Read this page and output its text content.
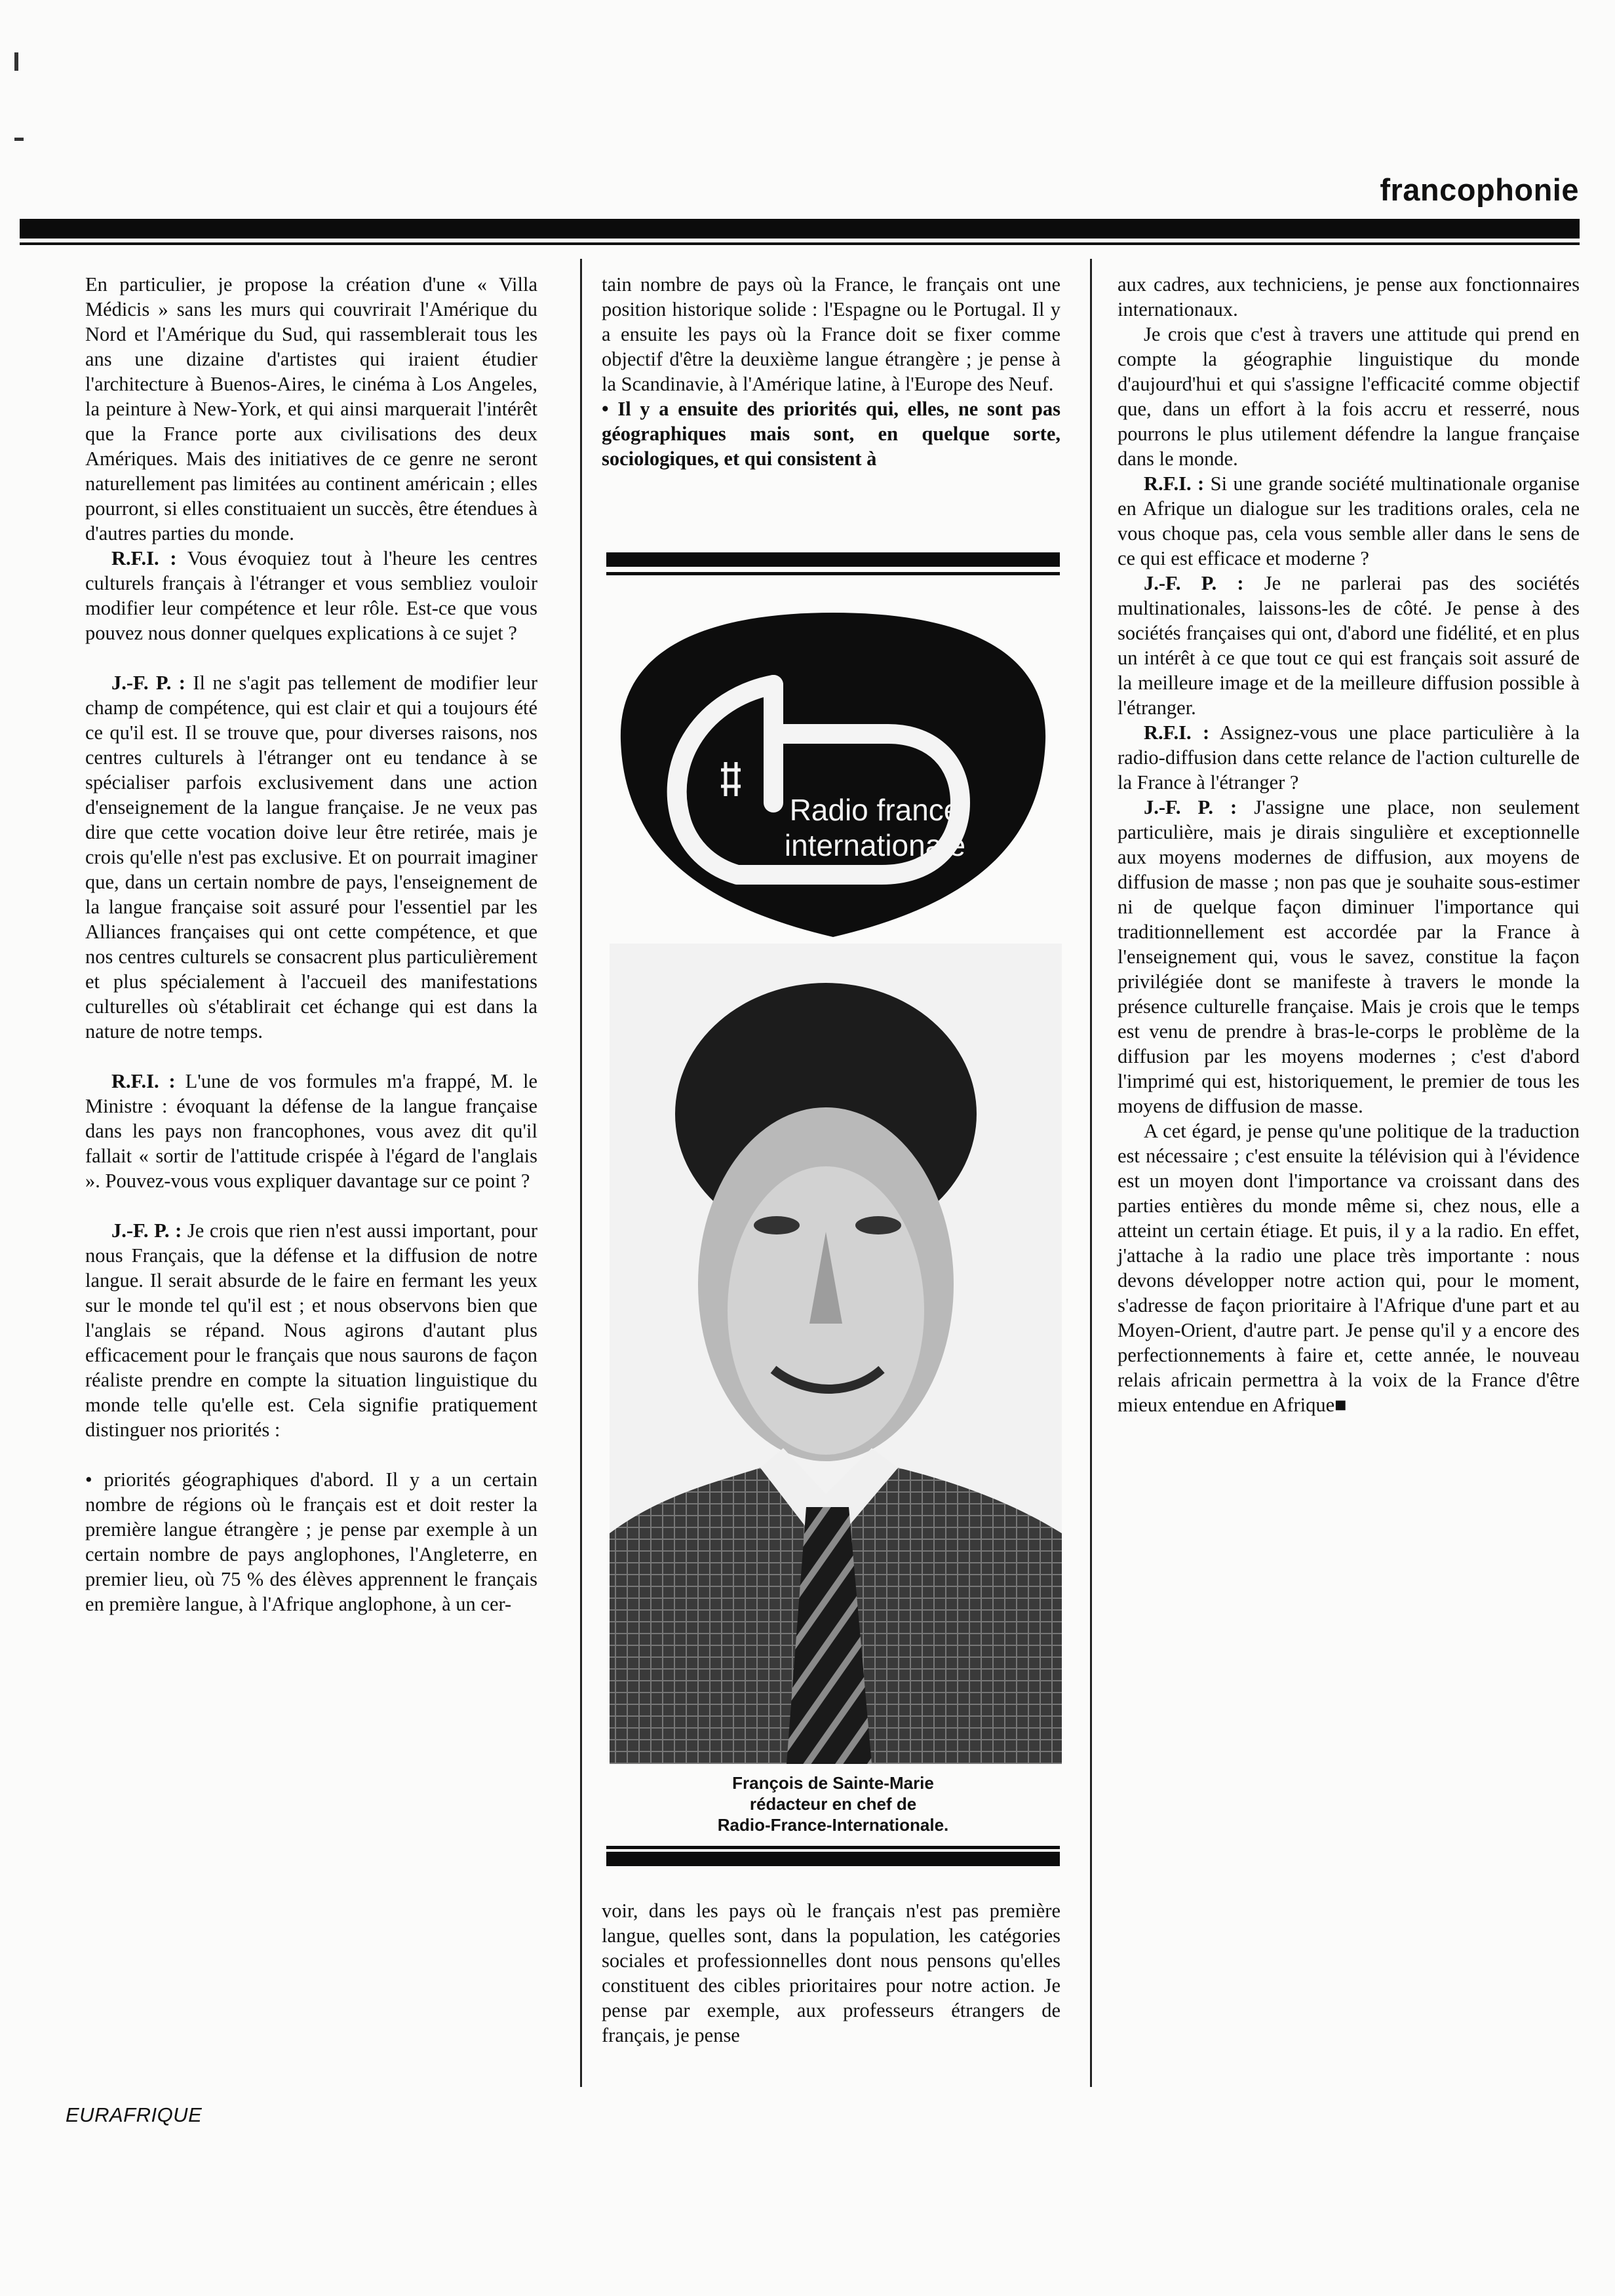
francophonie

En particulier, je propose la création d'une « Villa Médicis » sans les murs qui couvrirait l'Amérique du Nord et l'Amérique du Sud, qui rassemblerait tous les ans une dizaine d'artistes qui iraient étudier l'architecture à Buenos-Aires, le cinéma à Los Angeles, la peinture à New-York, et qui ainsi marquerait l'intérêt que la France porte aux civilisations des deux Amériques. Mais des initiatives de ce genre ne seront naturellement pas limitées au continent américain ; elles pourront, si elles constituaient un succès, être étendues à d'autres parties du monde.

R.F.I. : Vous évoquiez tout à l'heure les centres culturels français à l'étranger et vous sembliez vouloir modifier leur compétence et leur rôle. Est-ce que vous pouvez nous donner quelques explications à ce sujet ?

J.-F. P. : Il ne s'agit pas tellement de modifier leur champ de compétence, qui est clair et qui a toujours été ce qu'il est. Il se trouve que, pour diverses raisons, nos centres culturels à l'étranger ont eu tendance à se spécialiser parfois exclusivement dans une action d'enseignement de la langue française. Je ne veux pas dire que cette vocation doive leur être retirée, mais je crois qu'elle n'est pas exclusive. Et on pourrait imaginer que, dans un certain nombre de pays, l'enseignement de la langue française soit assuré pour l'essentiel par les Alliances françaises qui ont cette compétence, et que nos centres culturels se consacrent plus particulièrement et plus spécialement à l'accueil des manifestations culturelles où s'établirait cet échange qui est dans la nature de notre temps.

R.F.I. : L'une de vos formules m'a frappé, M. le Ministre : évoquant la défense de la langue française dans les pays non francophones, vous avez dit qu'il fallait « sortir de l'attitude crispée à l'égard de l'anglais ». Pouvez-vous vous expliquer davantage sur ce point ?

J.-F. P. : Je crois que rien n'est aussi important, pour nous Français, que la défense et la diffusion de notre langue. Il serait absurde de le faire en fermant les yeux sur le monde tel qu'il est ; et nous observons bien que l'anglais se répand. Nous agirons d'autant plus efficacement pour le français que nous saurons de façon réaliste prendre en compte la situation linguistique du monde telle qu'elle est. Cela signifie pratiquement distinguer nos priorités :

• priorités géographiques d'abord. Il y a un certain nombre de régions où le français est et doit rester la première langue étrangère ; je pense par exemple à un certain nombre de pays anglophones, l'Angleterre, en premier lieu, où 75 % des élèves apprennent le français en première langue, à l'Afrique anglophone, à un cer-

tain nombre de pays où la France, le français ont une position historique solide : l'Espagne ou le Portugal. Il y a ensuite les pays où la France doit se fixer comme objectif d'être la deuxième langue étrangère ; je pense à la Scandinavie, à l'Amérique latine, à l'Europe des Neuf.

• Il y a ensuite des priorités qui, elles, ne sont pas géographiques mais sont, en quelque sorte, sociologiques, et qui consistent à

Radio france
internationale
François de Sainte-Marie
rédacteur en chef de
Radio-France-Internationale.

voir, dans les pays où le français n'est pas première langue, quelles sont, dans la population, les catégories sociales et professionnelles dont nous pensons qu'elles constituent des cibles prioritaires pour notre action. Je pense par exemple, aux professeurs étrangers de français, je pense

aux cadres, aux techniciens, je pense aux fonctionnaires internationaux.

Je crois que c'est à travers une attitude qui prend en compte la géographie linguistique du monde d'aujourd'hui et qui s'assigne l'efficacité comme objectif que, dans un effort à la fois accru et resserré, nous pourrons le plus utilement défendre la langue française dans le monde.

R.F.I. : Si une grande société multinationale organise en Afrique un dialogue sur les traditions orales, cela ne vous choque pas, cela vous semble aller dans le sens de ce qui est efficace et moderne ?

J.-F. P. : Je ne parlerai pas des sociétés multinationales, laissons-les de côté. Je pense à des sociétés françaises qui ont, d'abord une fidélité, et en plus un intérêt à ce que tout ce qui est français soit assuré de la meilleure image et de la meilleure diffusion possible à l'étranger.

R.F.I. : Assignez-vous une place particulière à la radio-diffusion dans cette relance de l'action culturelle de la France à l'étranger ?

J.-F. P. : J'assigne une place, non seulement particulière, mais je dirais singulière et exceptionnelle aux moyens modernes de diffusion, aux moyens de diffusion de masse ; non pas que je souhaite sous-estimer ni de quelque façon diminuer l'importance qui traditionnellement est accordée par la France à l'enseignement qui, vous le savez, constitue la façon privilégiée dont se manifeste à travers le monde la présence culturelle française. Mais je crois que le temps est venu de prendre à bras-le-corps le problème de la diffusion par les moyens modernes ; c'est d'abord l'imprimé qui est, historiquement, le premier de tous les moyens de diffusion de masse.

A cet égard, je pense qu'une politique de la traduction est nécessaire ; c'est ensuite la télévision qui à l'évidence est un moyen dont l'importance va croissant dans des parties entières du monde même si, chez nous, elle a atteint un certain étiage. Et puis, il y a la radio. En effet, j'attache à la radio une place très importante : nous devons développer notre action qui, pour le moment, s'adresse de façon prioritaire à l'Afrique d'une part et au Moyen-Orient, d'autre part. Je pense qu'il y a encore des perfectionnements à faire et, cette année, le nouveau relais africain permettra à la voix de la France d'être mieux entendue en Afrique■

EURAFRIQUE
